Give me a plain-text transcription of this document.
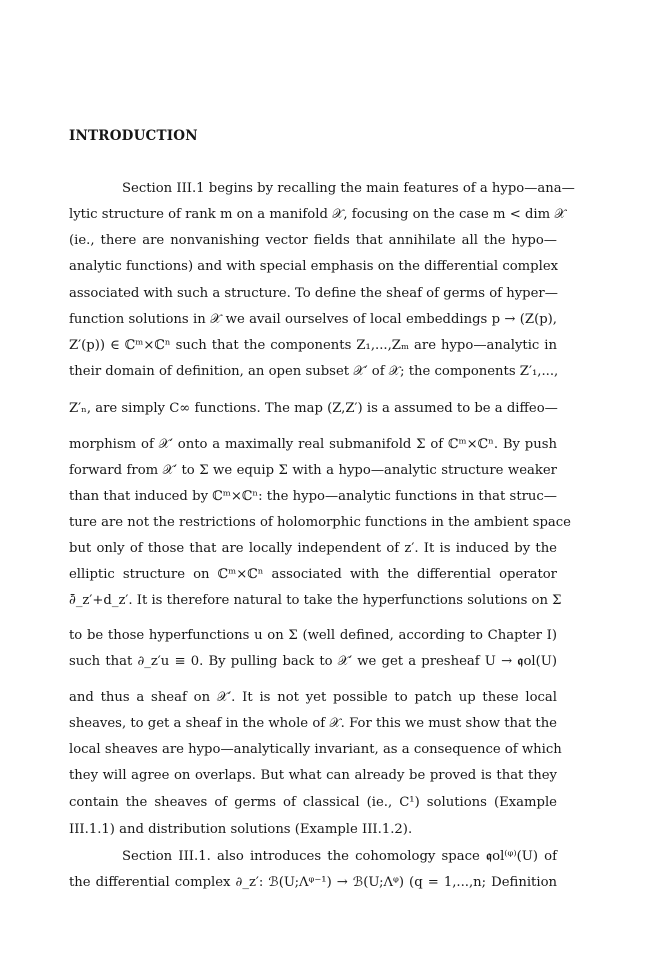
INTRODUCTION
Section III.1 begins by recalling the main features of a hypo—ana—
lytic structure of rank m on a manifold 𝒳, focusing on the case m < dim 𝒳
(ie., there are nonvanishing vector fields that annihilate all the hypo—
analytic functions) and with special emphasis on the differential complex
associated with such a structure. To define the sheaf of germs of hyper—
function solutions in 𝒳 we avail ourselves of local embeddings p → (Z(p),
Z′(p)) ∈ ℂᵐ×ℂⁿ such that the components Z₁,...,Zₘ are hypo—analytic in
their domain of definition, an open subset 𝒳′ of 𝒳; the components Z′₁,...,
Z′ₙ, are simply C∞ functions. The map (Z,Z′) is a assumed to be a diffeo—
morphism of 𝒳′ onto a maximally real submanifold Σ of ℂᵐ×ℂⁿ. By push
forward from 𝒳′ to Σ we equip Σ with a hypo—analytic structure weaker
than that induced by ℂᵐ×ℂⁿ: the hypo—analytic functions in that struc—
ture are not the restrictions of holomorphic functions in the ambient space
but only of those that are locally independent of z′. It is induced by the
elliptic structure on ℂᵐ×ℂⁿ associated with the differential operator
∂̄_z′+d_z′. It is therefore natural to take the hyperfunctions solutions on Σ
to be those hyperfunctions u on Σ (well defined, according to Chapter I)
such that ∂_z′u ≡ 0. By pulling back to 𝒳′ we get a presheaf U → 𝖖ol(U)
and thus a sheaf on 𝒳′. It is not yet possible to patch up these local
sheaves, to get a sheaf in the whole of 𝒳. For this we must show that the
local sheaves are hypo—analytically invariant, as a consequence of which
they will agree on overlaps. But what can already be proved is that they
contain the sheaves of germs of classical (ie., C¹) solutions (Example
III.1.1) and distribution solutions (Example III.1.2).
Section III.1. also introduces the cohomology space 𝖖ol⁽ᵠ⁾(U) of
the differential complex ∂_z′: ℬ(U;Λᵠ⁻¹) → ℬ(U;Λᵠ) (q = 1,...,n; Definition
